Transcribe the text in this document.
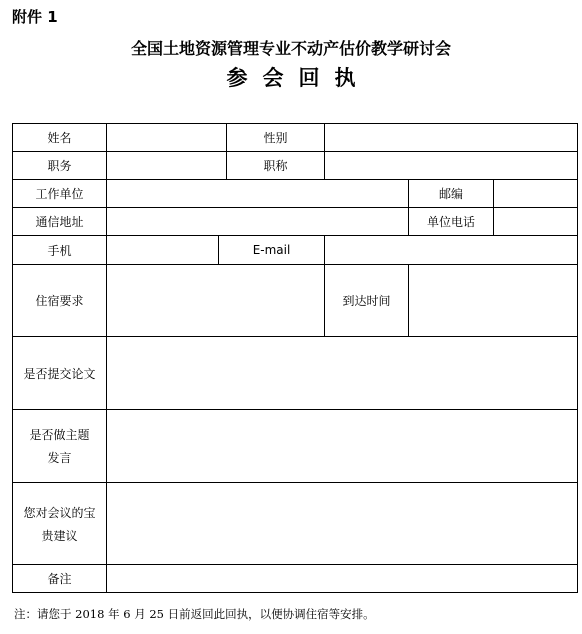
附件 1
全国土地资源管理专业不动产估价教学研讨会
参会回执
姓名			性别			
职务			职称			
工作单位					邮编	
通信地址					单位电话	
手机		E-mail				
住宿要求				到达时间		
是否提交论文						

是否做主题
发言						

您对会议的宝
贵建议						

备注						
注：请您于 2018 年 6 月 25 日前返回此回执，以便协调住宿等安排。
